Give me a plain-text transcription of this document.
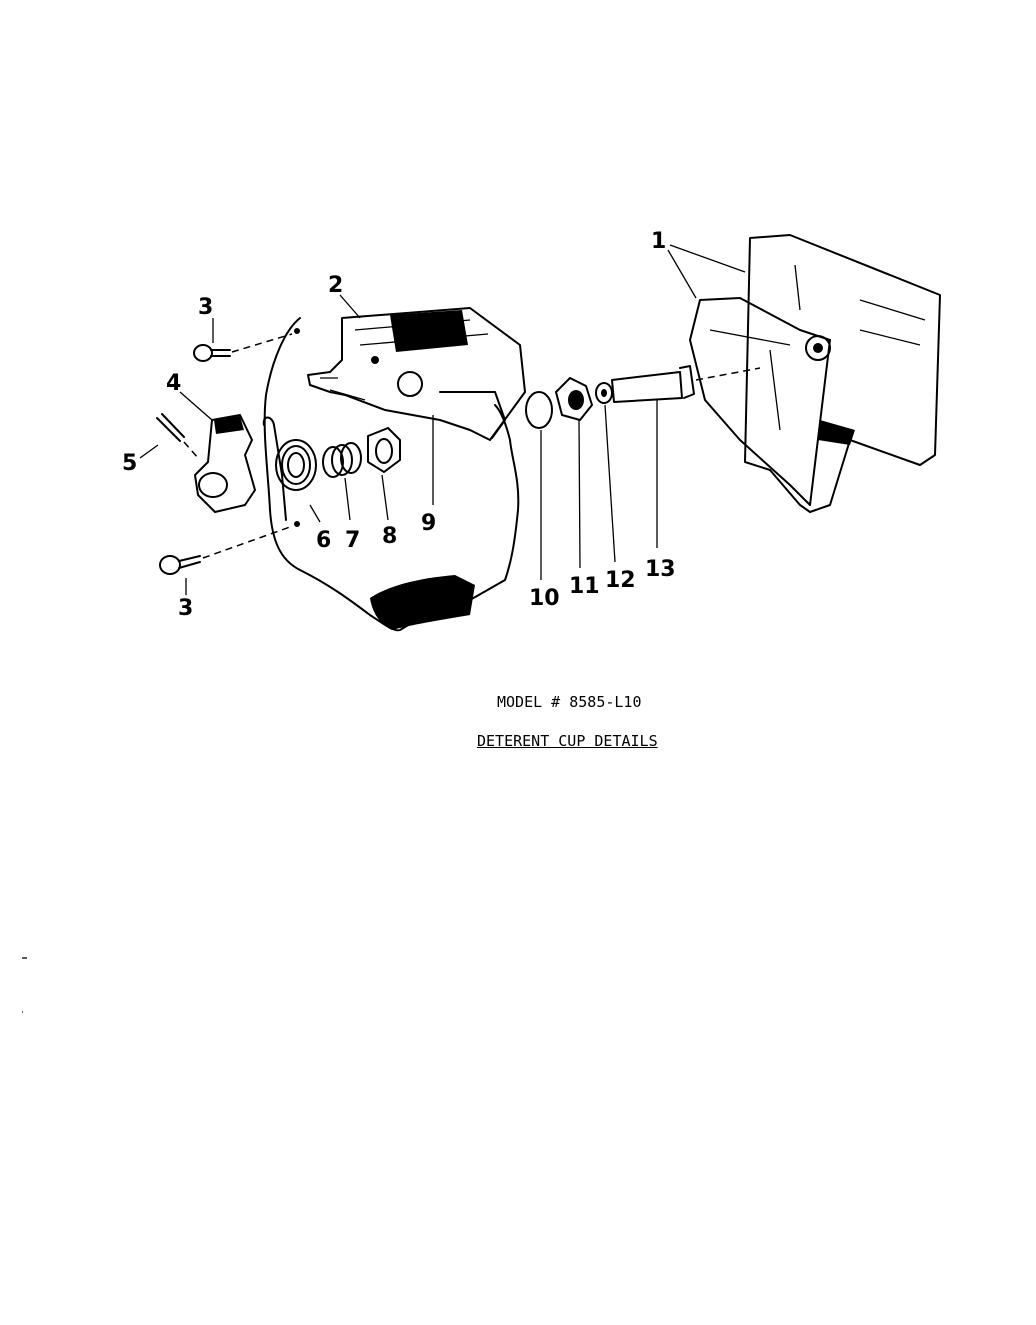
1
2
3
4
5
6 7 8
9
10 11 12 13
3
MODEL # 8585-L10
DETERENT CUP DETAILS
